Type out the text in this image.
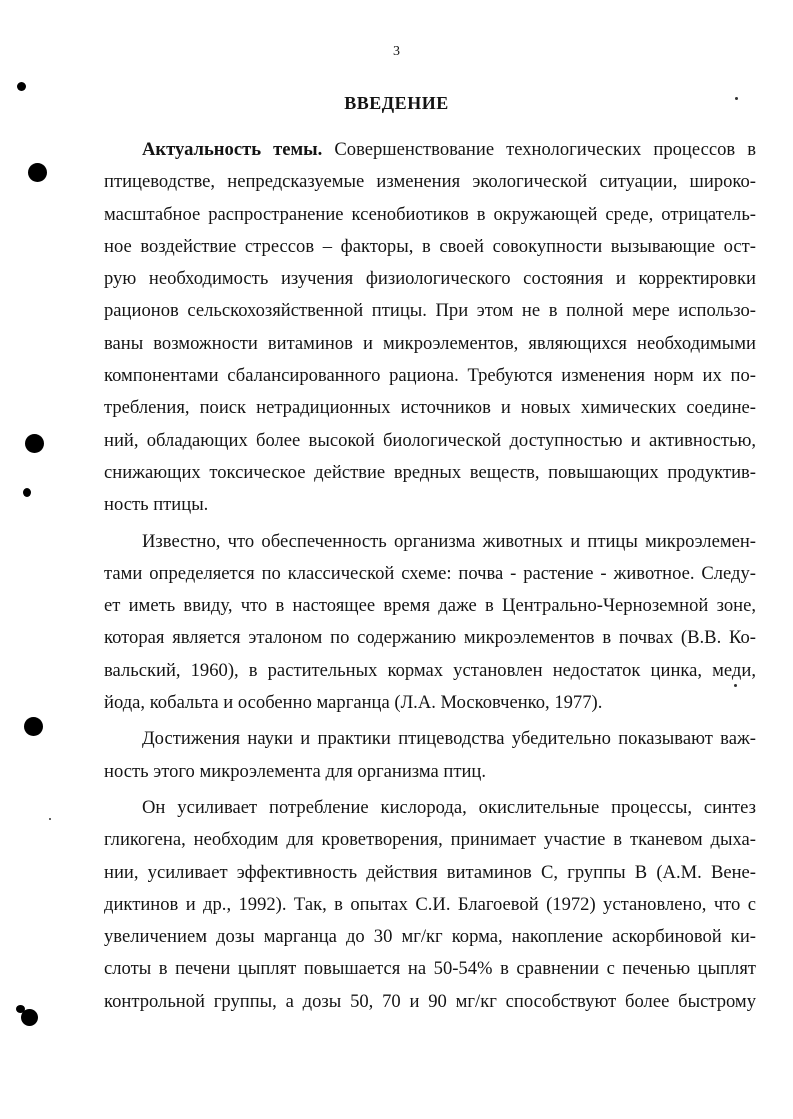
3
ВВЕДЕНИЕ
Актуальность темы. Совершенствование технологических процессов в
птицеводстве, непредсказуемые изменения экологической ситуации, широко-
масштабное распространение ксенобиотиков в окружающей среде, отрицатель-
ное воздействие стрессов – факторы, в своей совокупности вызывающие ост-
рую необходимость изучения физиологического состояния и корректировки
рационов сельскохозяйственной птицы. При этом не в полной мере использо-
ваны возможности витаминов и микроэлементов, являющихся необходимыми
компонентами сбалансированного рациона. Требуются изменения норм их по-
требления, поиск нетрадиционных источников и новых химических соедине-
ний, обладающих более высокой биологической доступностью и активностью,
снижающих токсическое действие вредных веществ, повышающих продуктив-
ность птицы.
Известно, что обеспеченность организма животных и птицы микроэлемен-
тами определяется по классической схеме: почва - растение - животное. Следу-
ет иметь ввиду, что в настоящее время даже в Центрально-Черноземной зоне,
которая является эталоном по содержанию микроэлементов в почвах (В.В. Ко-
вальский, 1960), в растительных кормах установлен недостаток цинка, меди,
йода, кобальта и особенно марганца (Л.А. Московченко, 1977).
Достижения науки и практики птицеводства убедительно показывают важ-
ность этого микроэлемента для организма птиц.
Он усиливает потребление кислорода, окислительные процессы, синтез
гликогена, необходим для кроветворения, принимает участие в тканевом дыха-
нии, усиливает эффективность действия витаминов С, группы В (А.М. Вене-
диктинов и др., 1992). Так, в опытах С.И. Благоевой (1972) установлено, что с
увеличением дозы марганца до 30 мг/кг корма, накопление аскорбиновой ки-
слоты в печени цыплят повышается на 50-54% в сравнении с печенью цыплят
контрольной группы, а дозы 50, 70 и 90 мг/кг способствуют более быстрому
